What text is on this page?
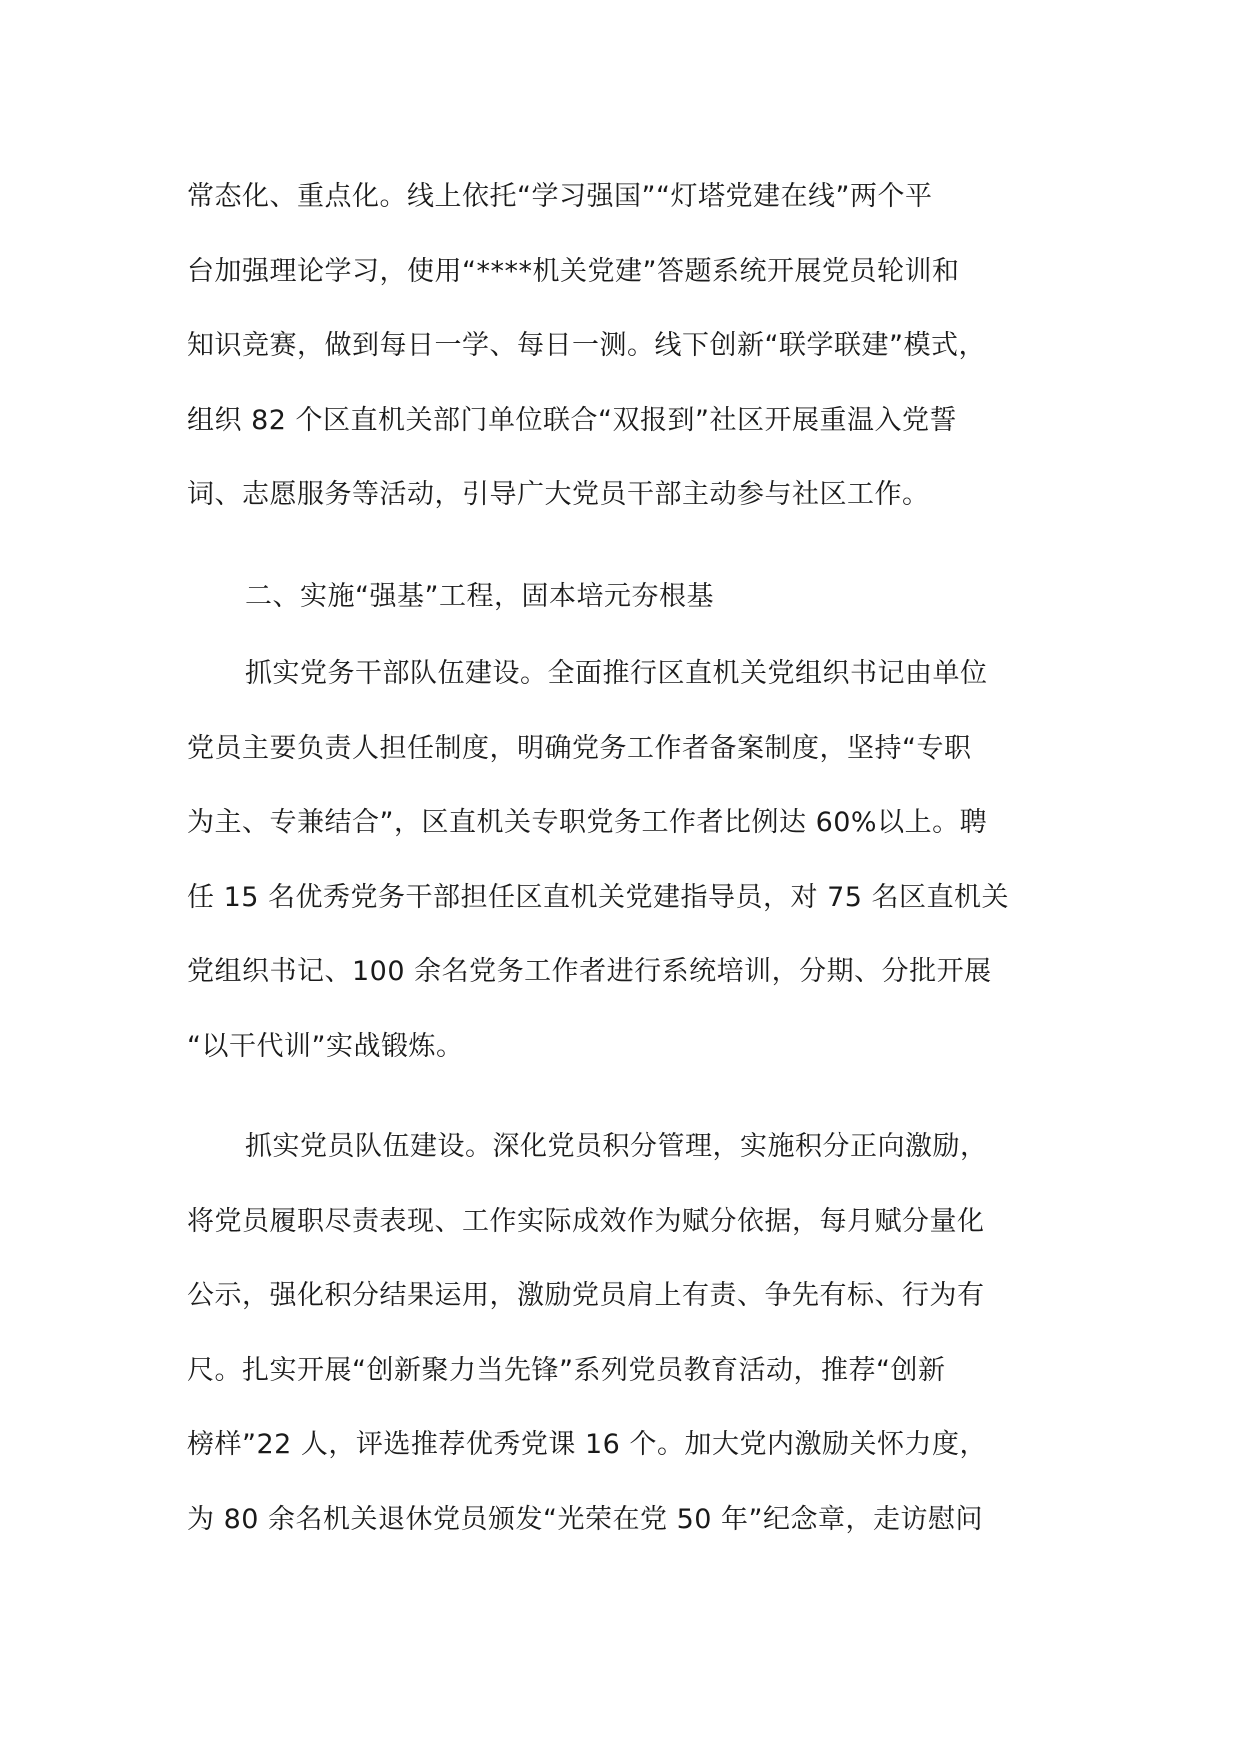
常态化、重点化。线上依托“学习强国”“灯塔党建在线”两个平
台加强理论学习，使用“****机关党建”答题系统开展党员轮训和
知识竞赛，做到每日一学、每日一测。线下创新“联学联建”模式，
组织 82 个区直机关部门单位联合“双报到”社区开展重温入党誓
词、志愿服务等活动，引导广大党员干部主动参与社区工作。
二、实施“强基”工程，固本培元夯根基
抓实党务干部队伍建设。全面推行区直机关党组织书记由单位
党员主要负责人担任制度，明确党务工作者备案制度，坚持“专职
为主、专兼结合”，区直机关专职党务工作者比例达 60%以上。聘
任 15 名优秀党务干部担任区直机关党建指导员，对 75 名区直机关
党组织书记、100 余名党务工作者进行系统培训，分期、分批开展
“以干代训”实战锻炼。
抓实党员队伍建设。深化党员积分管理，实施积分正向激励，
将党员履职尽责表现、工作实际成效作为赋分依据，每月赋分量化
公示，强化积分结果运用，激励党员肩上有责、争先有标、行为有
尺。扎实开展“创新聚力当先锋”系列党员教育活动，推荐“创新
榜样”22 人，评选推荐优秀党课 16 个。加大党内激励关怀力度，
为 80 余名机关退休党员颁发“光荣在党 50 年”纪念章，走访慰问
